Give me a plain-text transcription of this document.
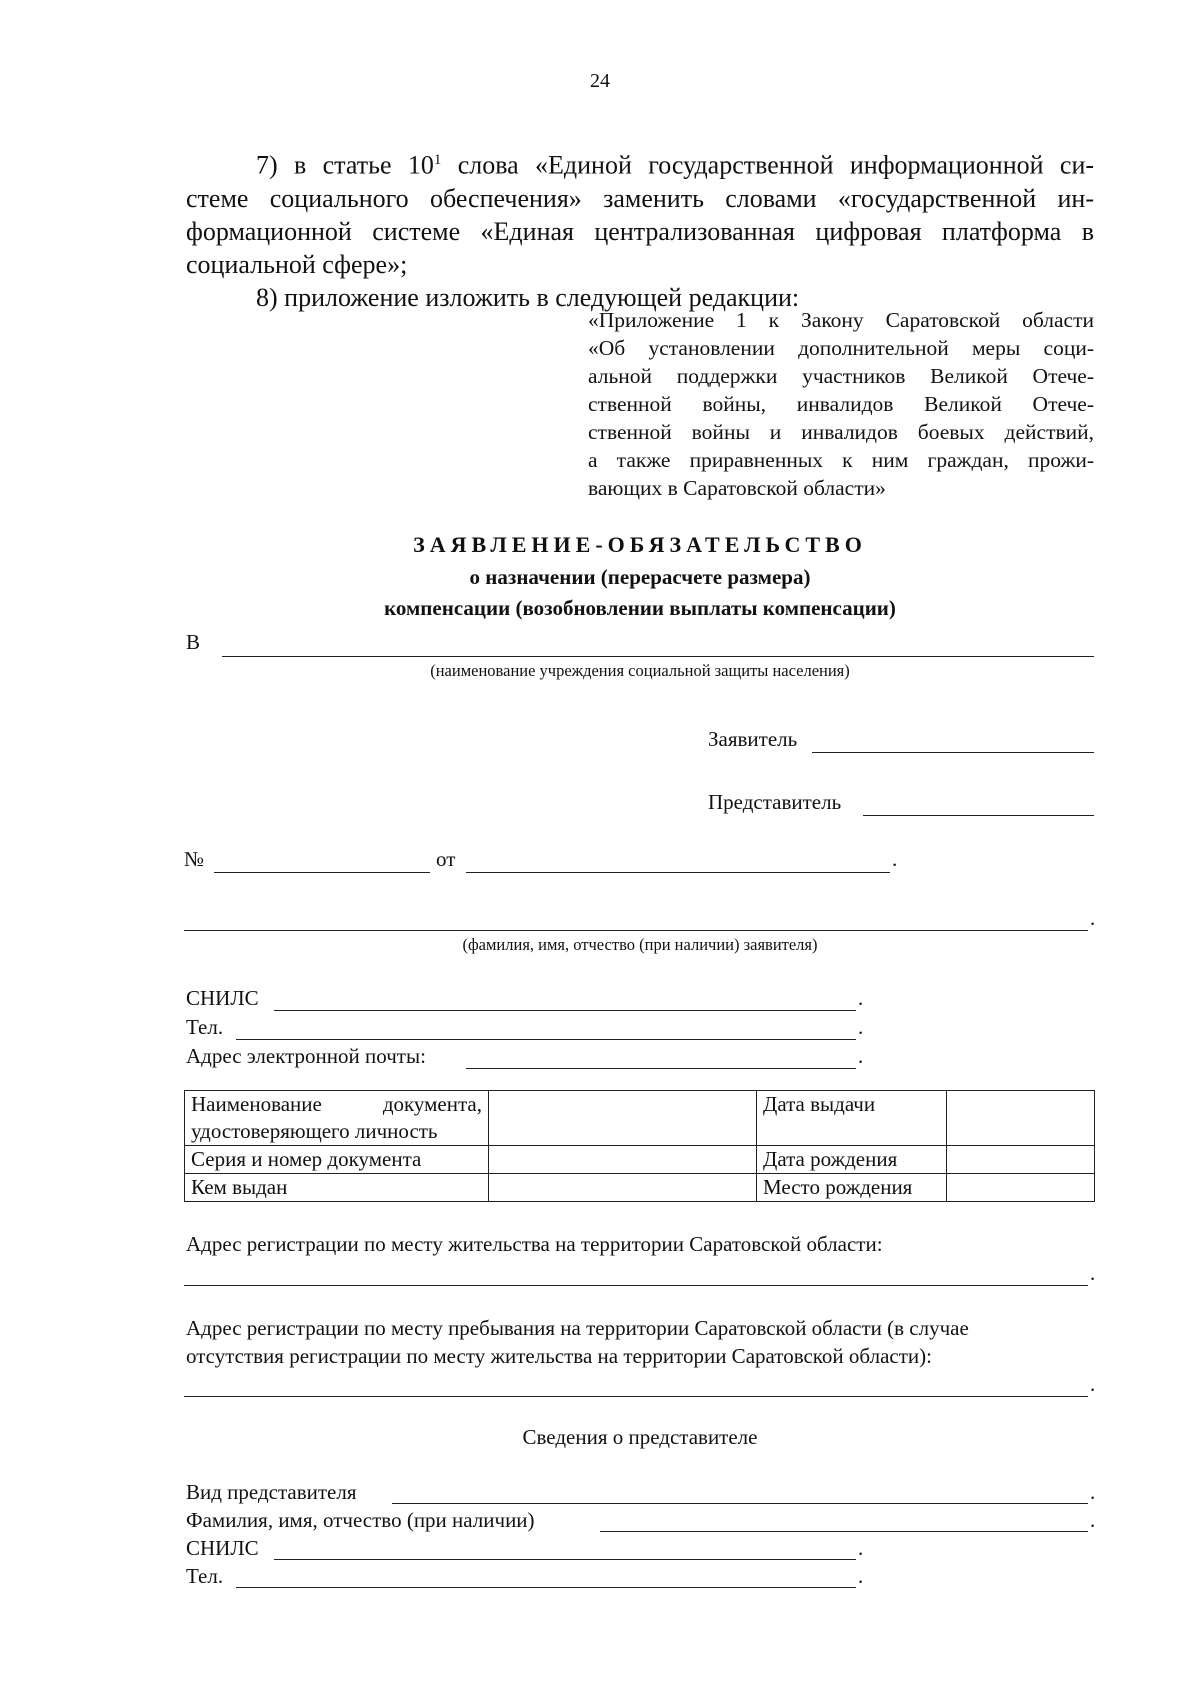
24
7) в статье $10^1$ слова «Единой государственной информационной си-
стеме социального обеспечения» заменить словами «государственной ин-
формационной системе «Единая централизованная цифровая платформа в
социальной сфере»;
8) приложение изложить в следующей редакции:
«Приложение 1 к Закону Саратовской области
«Об установлении дополнительной меры соци-
альной поддержки участников Великой Отече-
ственной войны, инвалидов Великой Отече-
ственной войны и инвалидов боевых действий,
а также приравненных к ним граждан, прожи-
вающих в Саратовской области»
ЗАЯВЛЕНИЕ-ОБЯЗАТЕЛЬСТВО
о назначении (перерасчете размера)
компенсации (возобновлении выплаты компенсации)
В
(наименование учреждения социальной защиты населения)
Заявитель
Представитель
№	от	.
.
(фамилия, имя, отчество (при наличии) заявителя)
СНИЛС	.
Тел.	.
Адрес электронной почты:	.
Наименование документа, удостоверяющего личность		Дата выдачи	
Серия и номер документа		Дата рождения	
Кем выдан		Место рождения	
Адрес регистрации по месту жительства на территории Саратовской области:
.
Адрес регистрации по месту пребывания на территории Саратовской области (в случае
отсутствия регистрации по месту жительства на территории Саратовской области):
.
Сведения о представителе
Вид представителя	.
Фамилия, имя, отчество (при наличии)	.
СНИЛС	.
Тел.	.
